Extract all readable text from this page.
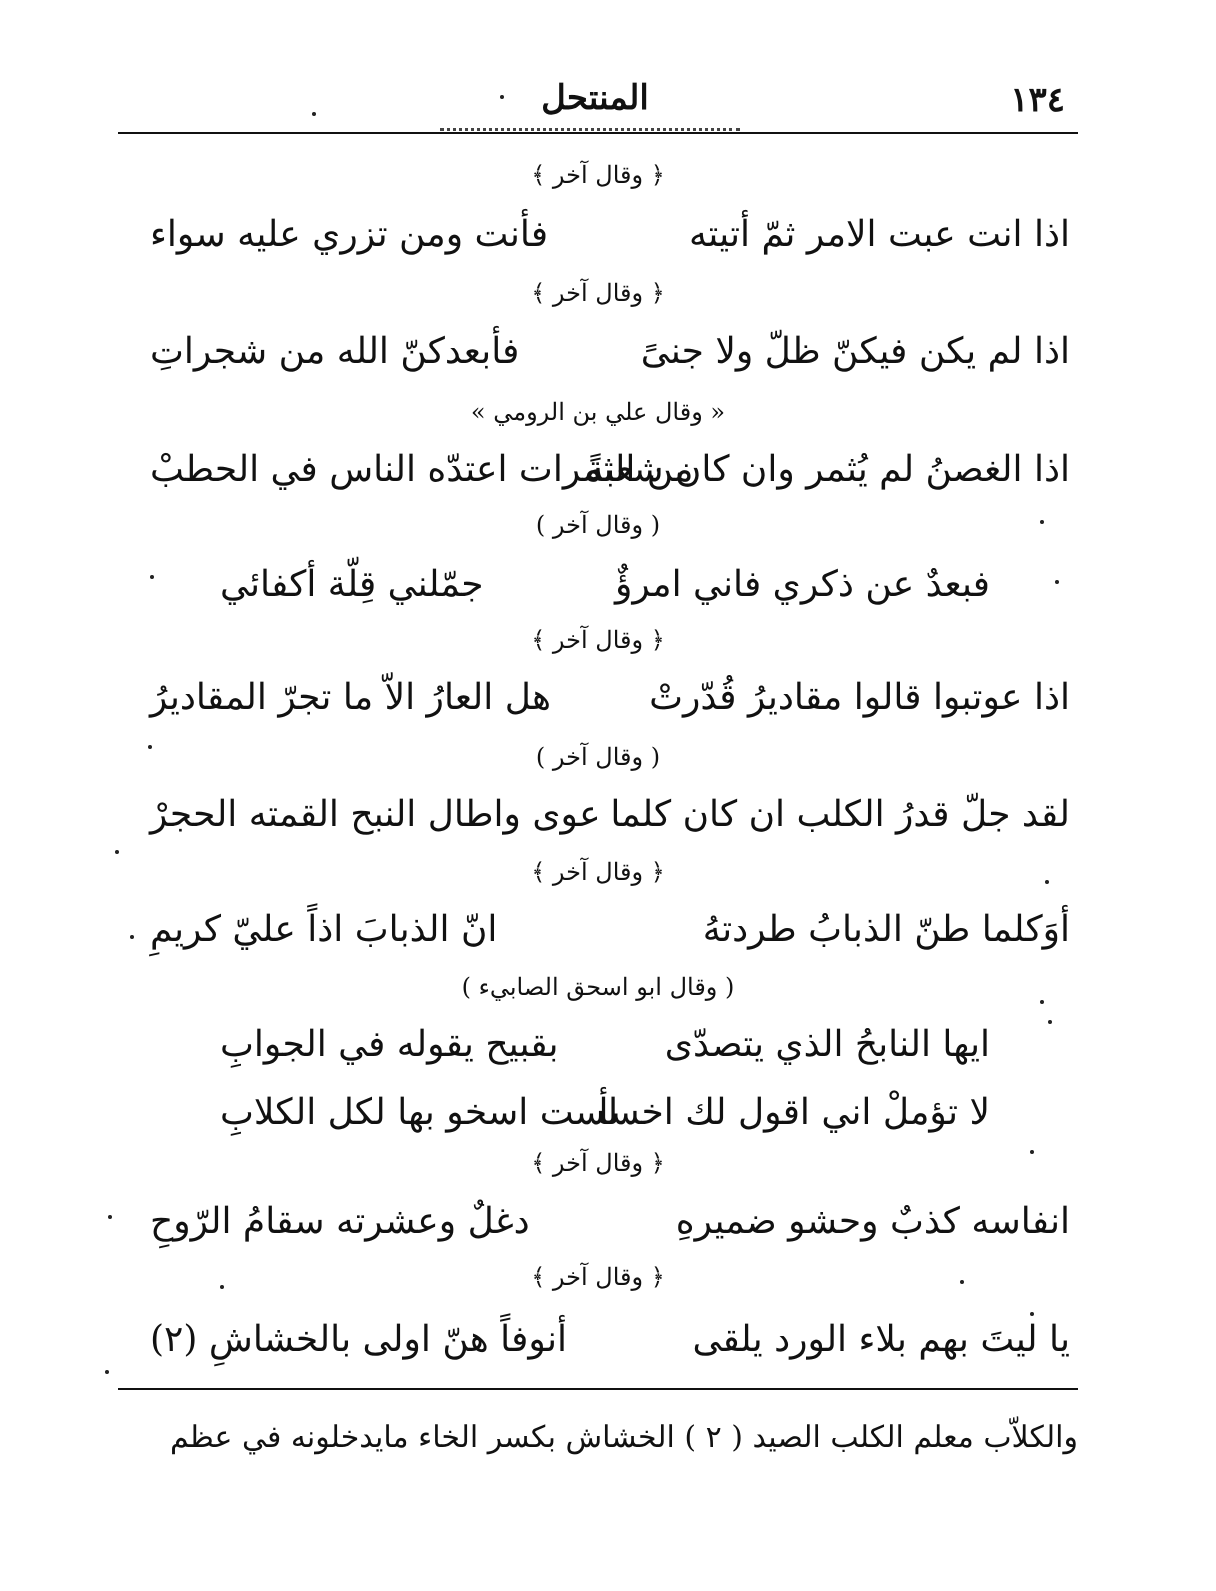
١٣٤
المنتحل
﴿ وقال آخر ﴾
اذا انت عبت الامر ثمّ أتيته
فأنت ومن تزري عليه سواء
﴿ وقال آخر ﴾
اذا لم يكن فيكنّ ظلّ ولا جنىً
فأبعدكنّ الله من شجراتِ
« وقال علي بن الرومي »
اذا الغصنُ لم يُثمر وان كان شعبةً
من الثمرات اعتدّه الناس في الحطبْ
( وقال آخر )
فبعدٌ عن ذكري فاني امرؤٌ
جمّلني قِلّة أكفائي
﴿ وقال آخر ﴾
اذا عوتبوا قالوا مقاديرُ قُدّرتْ
هل العارُ الاّ ما تجرّ المقاديرُ
( وقال آخر )
لقد جلّ قدرُ الكلب ان كان كلما
عوى واطال النبح القمته الحجرْ
﴿ وقال آخر ﴾
أوَكلما طنّ الذبابُ طردتهُ
انّ الذبابَ اذاً عليّ كريمِ
( وقال ابو اسحق الصابيء )
ايها النابحُ الذي يتصدّى
بقبيح يقوله في الجوابِ
لا تؤملْ اني اقول لك اخسأ
لست اسخو بها لكل الكلابِ
﴿ وقال آخر ﴾
انفاسه كذبٌ وحشو ضميرهِ
دغلٌ وعشرته سقامُ الرّوحِ
﴿ وقال آخر ﴾
يا ليتَ بهم بلاء الورد يلقى
أنوفاً هنّ اولى بالخشاشِ (٢)
والكلاّب معلم الكلب الصيد ( ٢ ) الخشاش بكسر الخاء مايدخلونه في عظم
